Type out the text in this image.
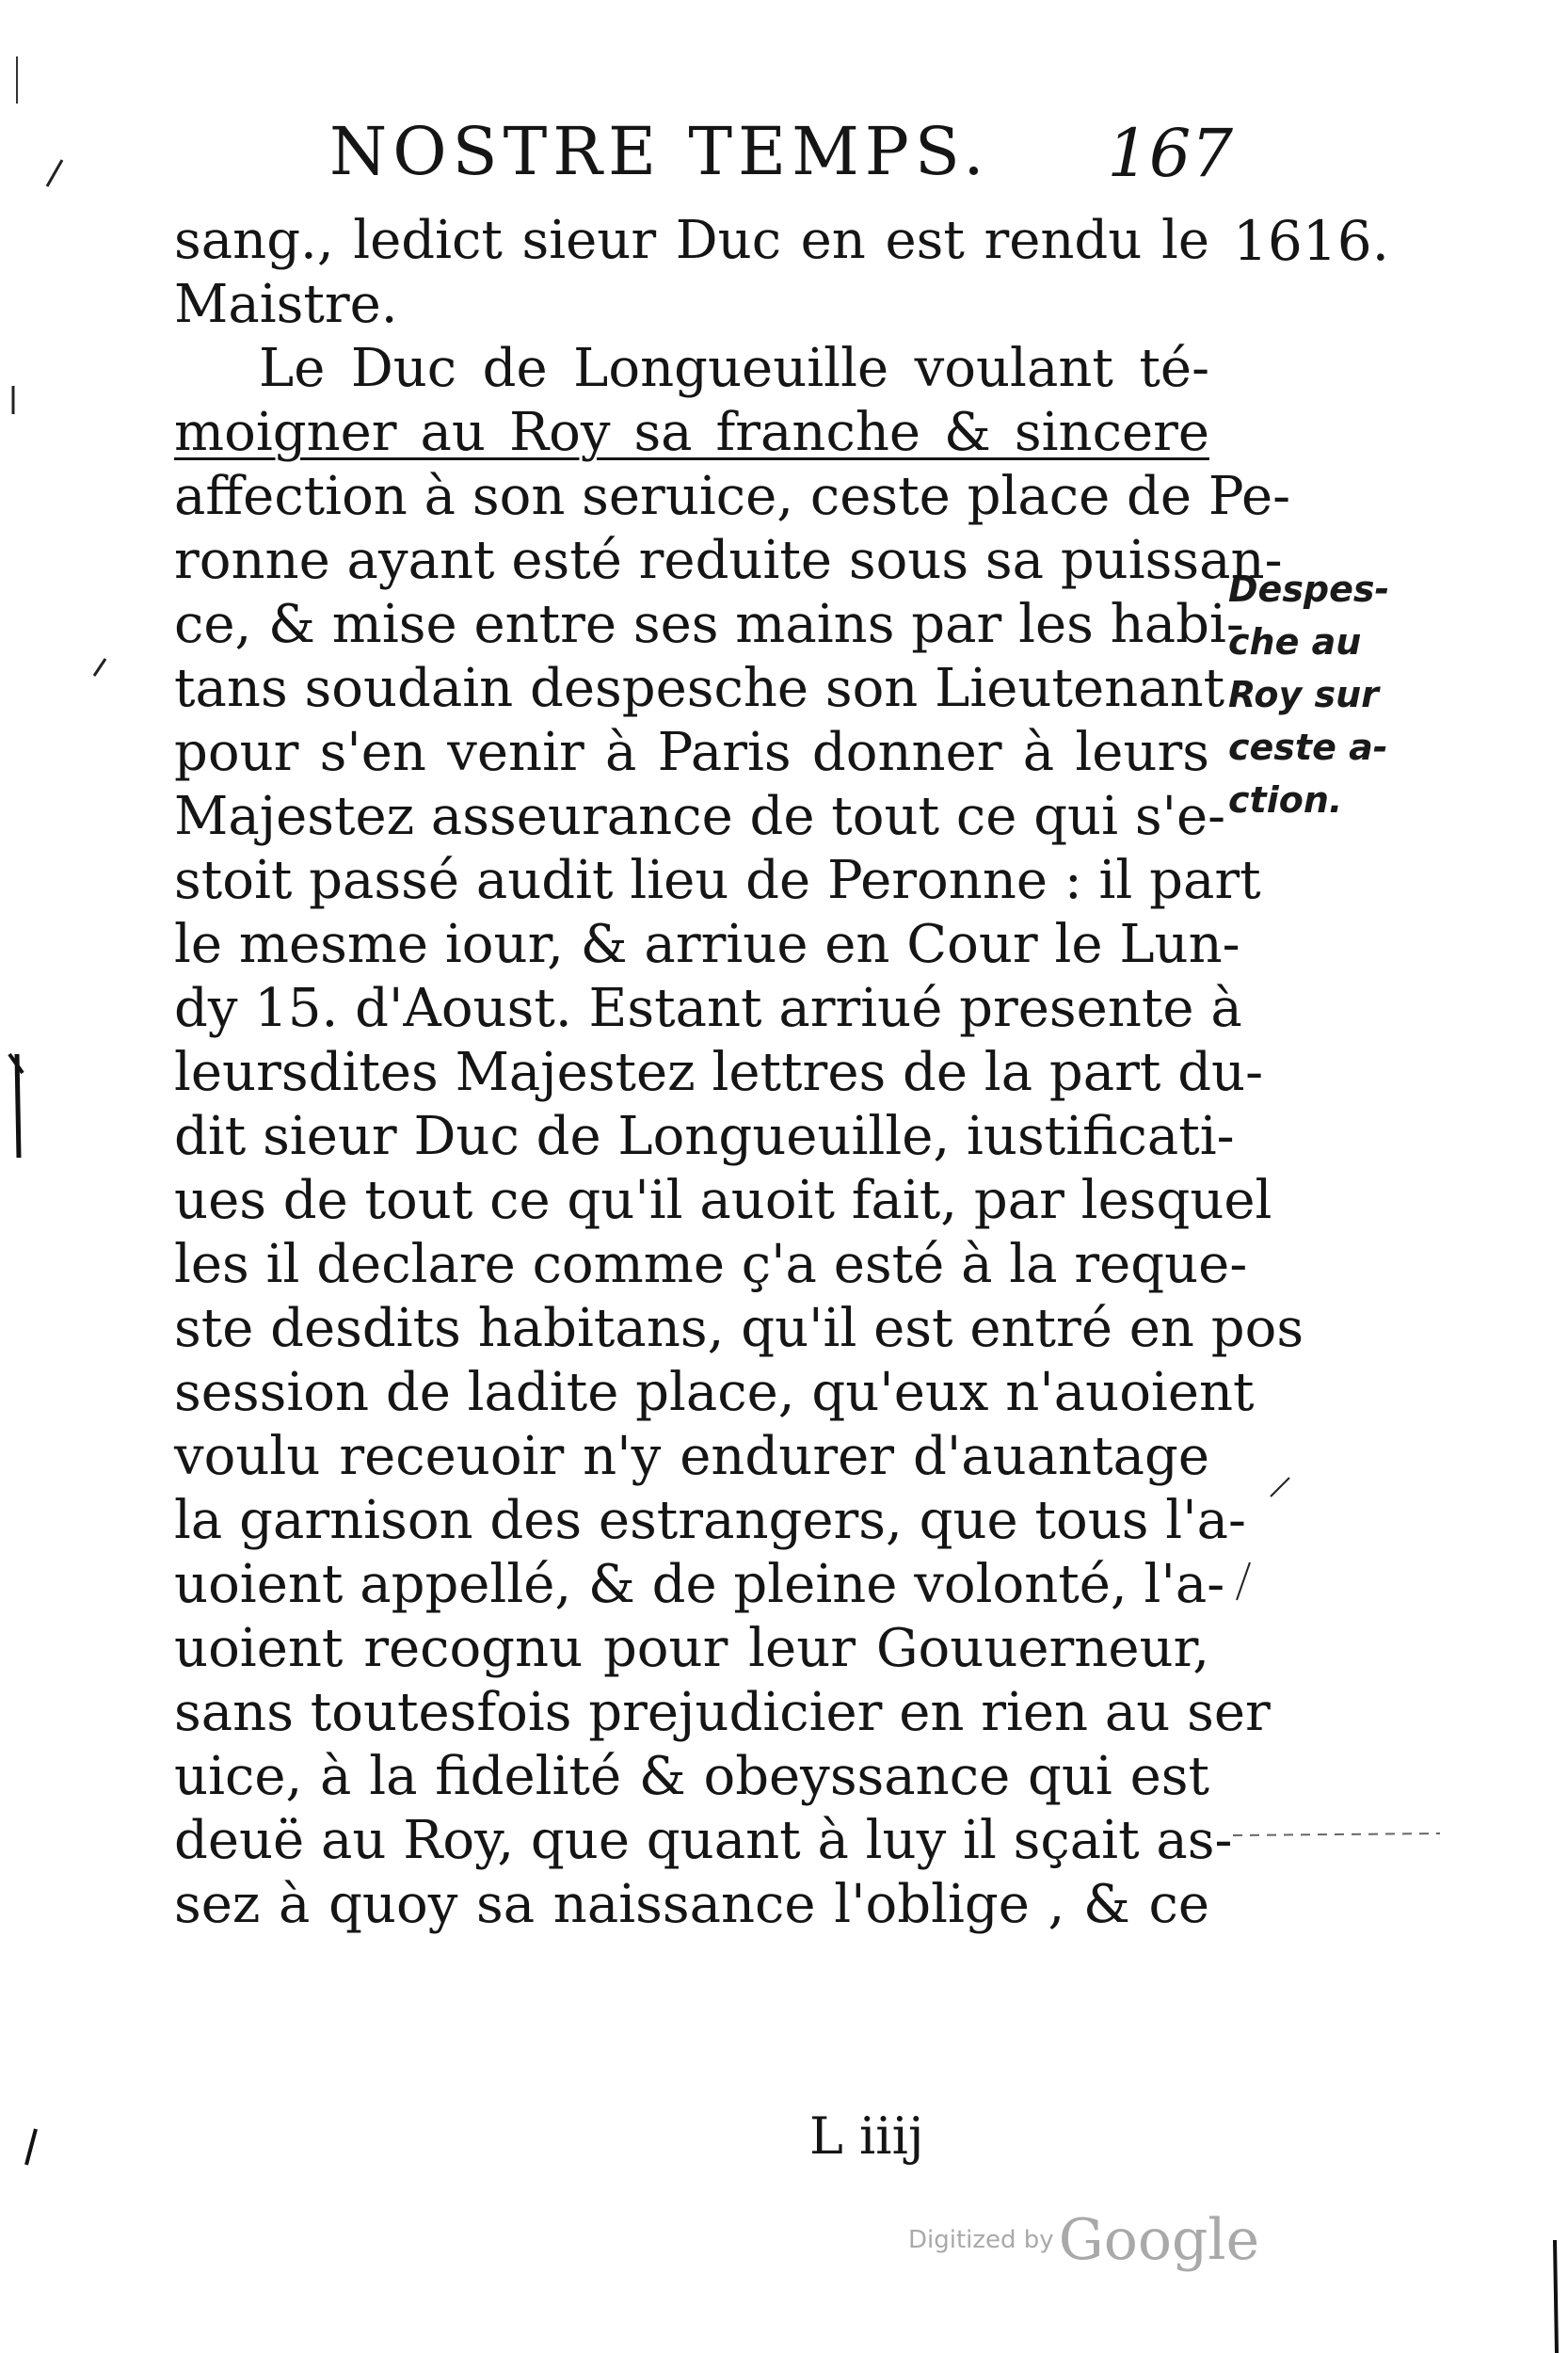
NOSTRE TEMPS. 167
1616.
Despes-
che au
Roy sur
ceste a-
ction.
sang., ledict sieur Duc en est rendu le
Maistre.
Le Duc de Longueuille voulant té-
moigner au Roy sa franche & sincere
affection à son seruice, ceste place de Pe-
ronne ayant esté reduite sous sa puissan-
ce, & mise entre ses mains par les habi-
tans soudain despesche son Lieutenant
pour s'en venir à Paris donner à leurs
Majestez asseurance de tout ce qui s'e-
stoit passé audit lieu de Peronne : il part
le mesme iour, & arriue en Cour le Lun-
dy 15. d'Aoust. Estant arriué presente à
leursdites Majestez lettres de la part du-
dit sieur Duc de Longueuille, iustificati-
ues de tout ce qu'il auoit fait, par lesquel
les il declare comme ç'a esté à la reque-
ste desdits habitans, qu'il est entré en pos
session de ladite place, qu'eux n'auoient
voulu receuoir n'y endurer d'auantage
la garnison des estrangers, que tous l'a-
uoient appellé, & de pleine volonté, l'a-
uoient recognu pour leur Gouuerneur,
sans toutesfois prejudicier en rien au ser
uice, à la fidelité & obeyssance qui est
deuë au Roy, que quant à luy il sçait as-
sez à quoy sa naissance l'oblige , & ce
L iiij
Digitized by Google
